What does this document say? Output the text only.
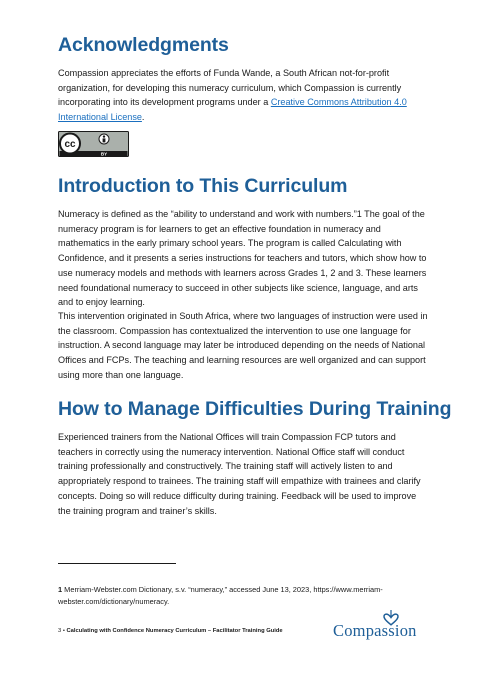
Acknowledgments

Compassion appreciates the efforts of Funda Wande, a South African not-for-profit organization, for developing this numeracy curriculum, which Compassion is currently incorporating into its development programs under a Creative Commons Attribution 4.0 International License.

cc
BY
Introduction to This Curriculum

Numeracy is defined as the “ability to understand and work with numbers.”1 The goal of the numeracy program is for learners to get an effective foundation in numeracy and mathematics in the early primary school years. The program is called Calculating with Confidence, and it presents a series instructions for teachers and tutors, which show how to use numeracy models and methods with learners across Grades 1, 2 and 3. These learners need foundational numeracy to succeed in other subjects like science, language, and arts and to enjoy learning.

This intervention originated in South Africa, where two languages of instruction were used in the classroom. Compassion has contextualized the intervention to use one language for instruction. A second language may later be introduced depending on the needs of National Offices and FCPs. The teaching and learning resources are well organized and can support using more than one language.

How to Manage Difficulties During Training

Experienced trainers from the National Offices will train Compassion FCP tutors and teachers in correctly using the numeracy intervention. National Office staff will conduct training professionally and constructively. The training staff will actively listen to and appropriately respond to trainees. The training staff will empathize with trainees and clarify concepts. Doing so will reduce difficulty during training. Feedback will be used to improve the training program and trainer’s skills.

1 Merriam-Webster.com Dictionary, s.v. “numeracy,” accessed June 13, 2023, https://www.merriam-webster.com/dictionary/numeracy.

3 • Calculating with Confidence Numeracy Curriculum – Facilitator Training Guide	Compassion
